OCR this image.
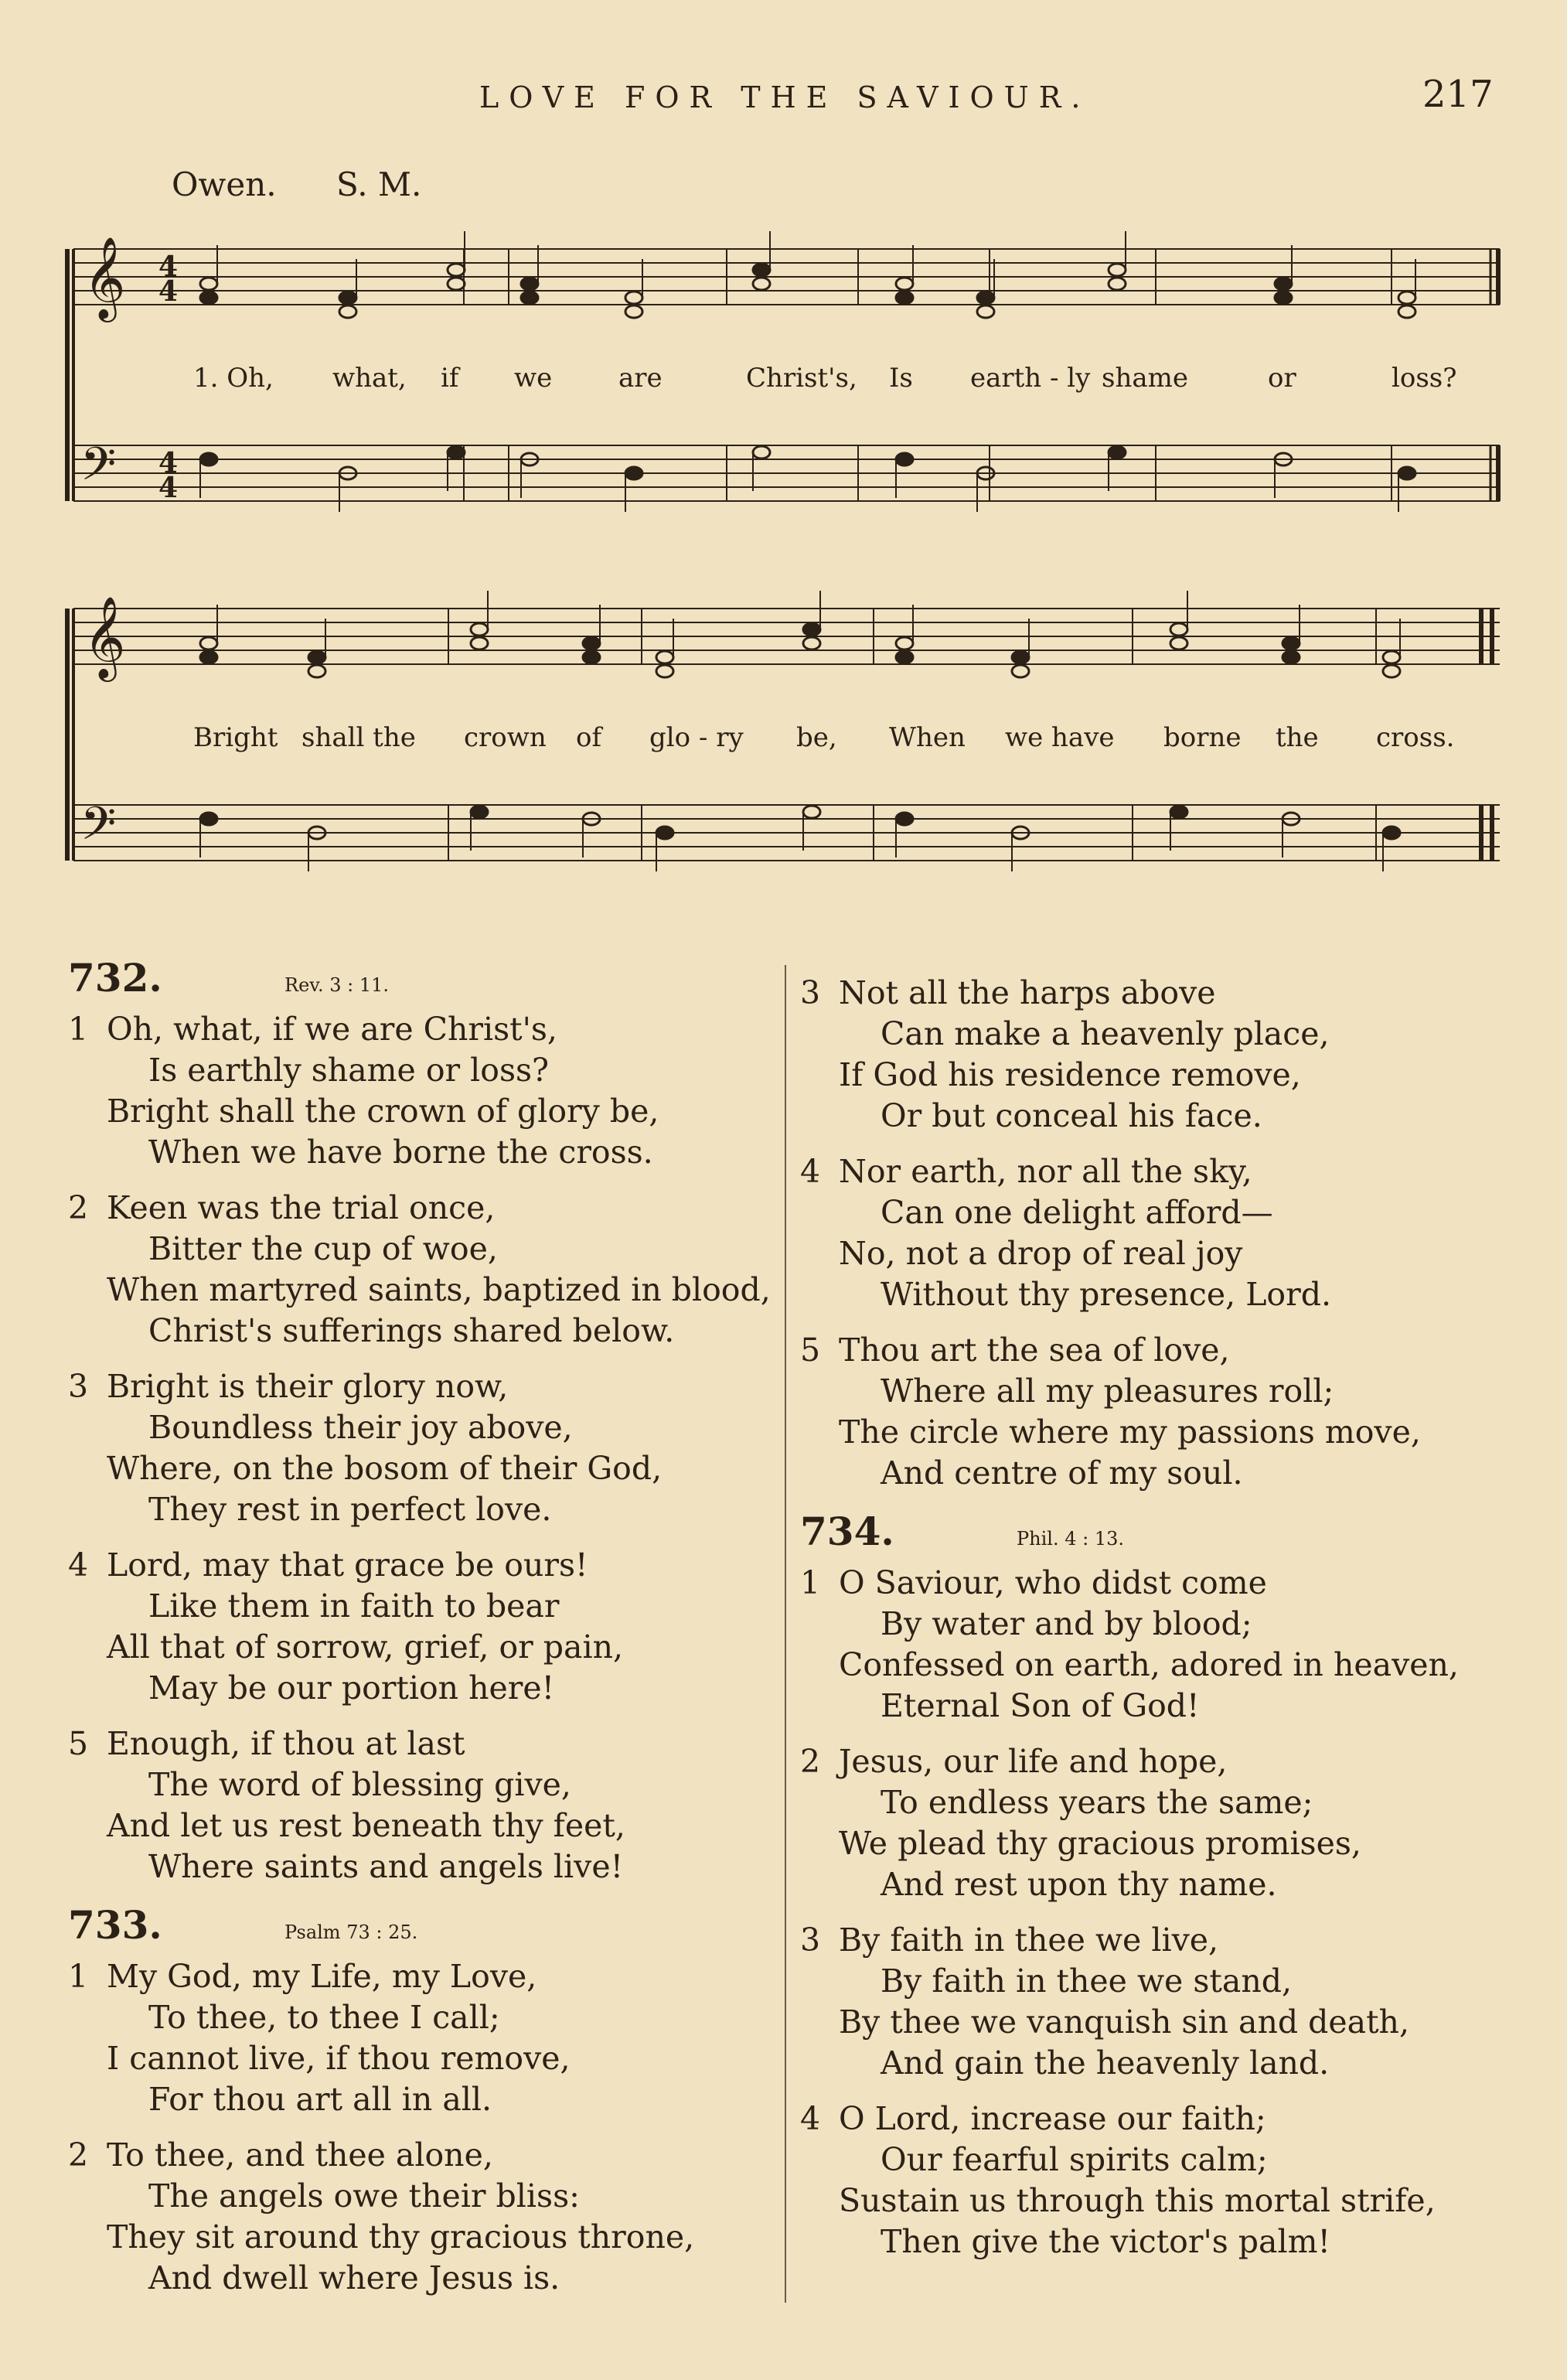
LOVE FOR THE SAVIOUR.	217
Owen. S. M.
𝄞 4
4
𝄢 4
4
1. Oh, what, if we	are	Christ's, Is earth - ly shame	or	loss?
𝄞
𝄢
Bright shall the crown of glo - ry be, When we have borne the cross.
732.	Rev. 3 : 11.
1 Oh, what, if we are Christ's,
Is earthly shame or loss?
Bright shall the crown of glory be,
When we have borne the cross.
2 Keen was the trial once,
Bitter the cup of woe,
When martyred saints, baptized in blood,
Christ's sufferings shared below.
3 Bright is their glory now,
Boundless their joy above,
Where, on the bosom of their God,
They rest in perfect love.
4 Lord, may that grace be ours!
Like them in faith to bear
All that of sorrow, grief, or pain,
May be our portion here!
5 Enough, if thou at last
The word of blessing give,
And let us rest beneath thy feet,
Where saints and angels live!
733.	Psalm 73 : 25.
1 My God, my Life, my Love,
To thee, to thee I call;
I cannot live, if thou remove,
For thou art all in all.
2 To thee, and thee alone,
The angels owe their bliss:
They sit around thy gracious throne,
And dwell where Jesus is.
3 Not all the harps above
Can make a heavenly place,
If God his residence remove,
Or but conceal his face.
4 Nor earth, nor all the sky,
Can one delight afford—
No, not a drop of real joy
Without thy presence, Lord.
5 Thou art the sea of love,
Where all my pleasures roll;
The circle where my passions move,
And centre of my soul.
734.	Phil. 4 : 13.
1 O Saviour, who didst come
By water and by blood;
Confessed on earth, adored in heaven,
Eternal Son of God!
2 Jesus, our life and hope,
To endless years the same;
We plead thy gracious promises,
And rest upon thy name.
3 By faith in thee we live,
By faith in thee we stand,
By thee we vanquish sin and death,
And gain the heavenly land.
4 O Lord, increase our faith;
Our fearful spirits calm;
Sustain us through this mortal strife,
Then give the victor's palm!
